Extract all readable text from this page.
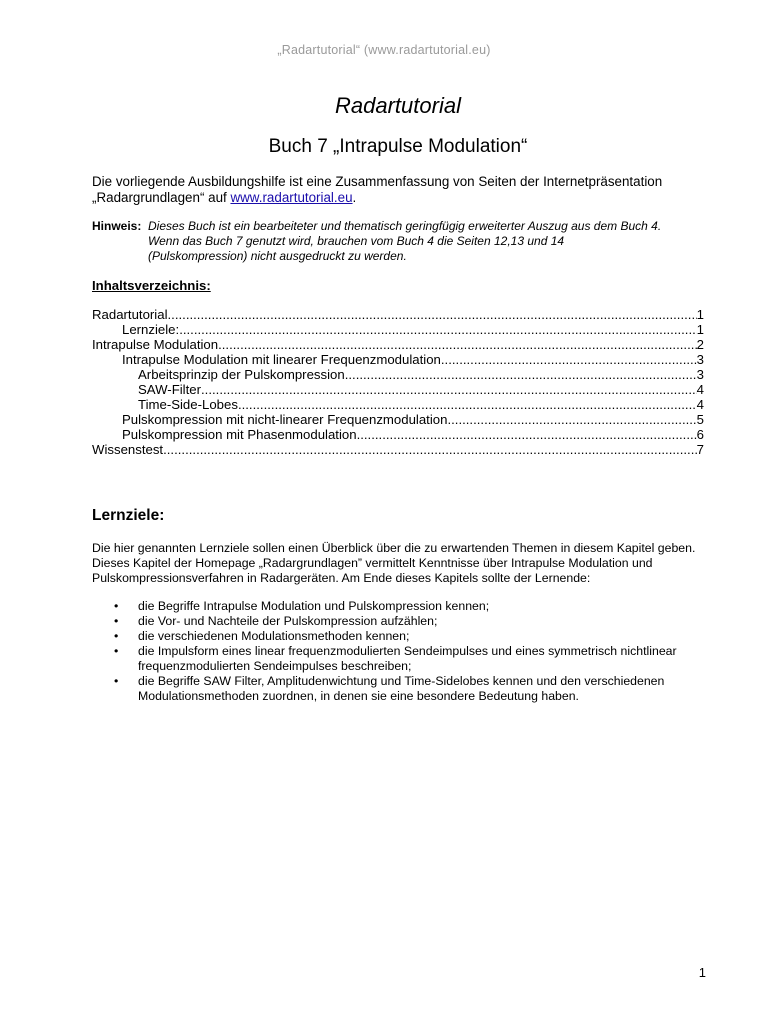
„Radartutorial“ (www.radartutorial.eu)
Radartutorial
Buch 7 „Intrapulse Modulation“
Die vorliegende Ausbildungshilfe ist eine Zusammenfassung von Seiten der Internetpräsentation „Radargrundlagen“ auf www.radartutorial.eu.
Hinweis: Dieses Buch ist ein bearbeiteter und thematisch geringfügig erweiterter Auszug aus dem Buch 4.
Wenn das Buch 7 genutzt wird, brauchen vom Buch 4 die Seiten 12,13 und 14
(Pulskompression) nicht ausgedruckt zu werden.
Inhaltsverzeichnis:
Radartutorial .....	1
Lernziele: .....	1
Intrapulse Modulation .....	2
Intrapulse Modulation mit linearer Frequenzmodulation .....	3
Arbeitsprinzip der Pulskompression .....	3
SAW-Filter .....	4
Time-Side-Lobes .....	4
Pulskompression mit nicht-linearer Frequenzmodulation .....	5
Pulskompression mit Phasenmodulation .....	6
Wissenstest .....	7
Lernziele:
Die hier genannten Lernziele sollen einen Überblick über die zu erwartenden Themen in diesem Kapitel geben. Dieses Kapitel der Homepage „Radargrundlagen” vermittelt Kenntnisse über Intrapulse Modulation und Pulskompressionsverfahren in Radargeräten. Am Ende dieses Kapitels sollte der Lernende:
• die Begriffe Intrapulse Modulation und Pulskompression kennen;
• die Vor- und Nachteile der Pulskompression aufzählen;
• die verschiedenen Modulationsmethoden kennen;
• die Impulsform eines linear frequenzmodulierten Sendeimpulses und eines symmetrisch nichtlinear frequenzmodulierten Sendeimpulses beschreiben;
• die Begriffe SAW Filter, Amplitudenwichtung und Time-Sidelobes kennen und den verschiedenen Modulationsmethoden zuordnen, in denen sie eine besondere Bedeutung haben.
1
